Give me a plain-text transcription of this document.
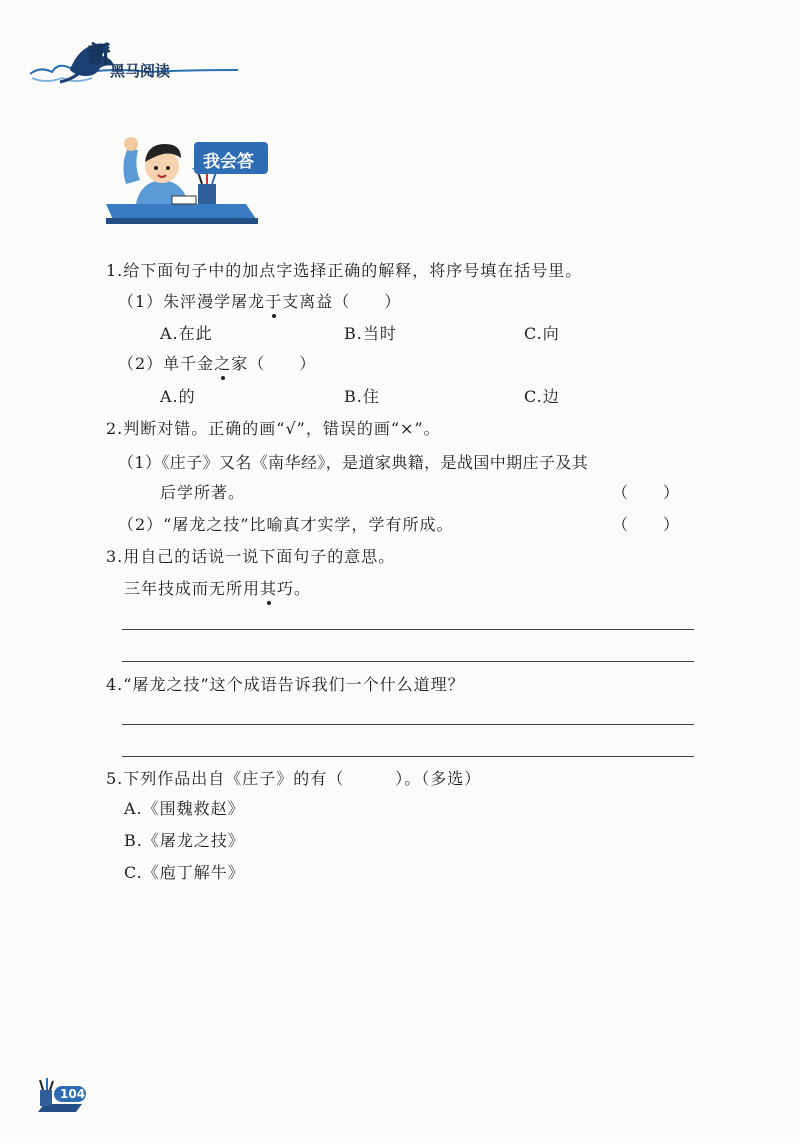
新
黑马阅读
我会答
1.给下面句子中的加点字选择正确的解释，将序号填在括号里。
（1）朱泙漫学屠龙于支离益（　　）
A.在此	B.当时	C.向
（2）单千金之家（　　）
A.的	B.住	C.边
2.判断对错。正确的画“√”，错误的画“×”。
（1）《庄子》又名《南华经》，是道家典籍，是战国中期庄子及其
后学所著。	（　　）
（2）“屠龙之技”比喻真才实学，学有所成。	（　　）
3.用自己的话说一说下面句子的意思。
三年技成而无所用其巧。
4.“屠龙之技”这个成语告诉我们一个什么道理？
5.下列作品出自《庄子》的有（　　　）。（多选）
A.《围魏救赵》
B.《屠龙之技》
C.《庖丁解牛》
104
